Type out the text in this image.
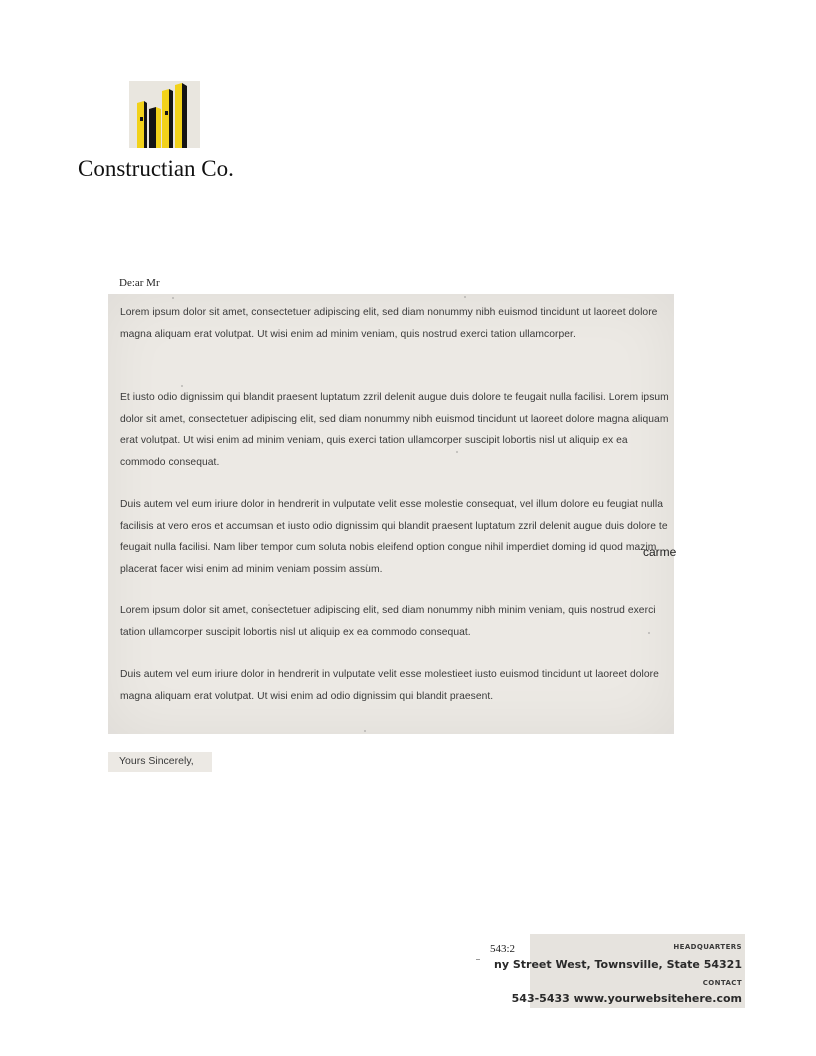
Constructian Co.
De:ar Mr

Lorem ipsum dolor sit amet, consectetuer adipiscing elit, sed diam nonummy nibh euismod tincidunt ut laoreet dolore magna aliquam erat volutpat. Ut wisi enim ad minim veniam, quis nostrud exerci tation ullamcorper.

Et iusto odio dignissim qui blandit praesent luptatum zzril delenit augue duis dolore te feugait nulla facilisi. Lorem ipsum dolor sit amet, consectetuer adipiscing elit, sed diam nonummy nibh euismod tincidunt ut laoreet dolore magna aliquam erat volutpat. Ut wisi enim ad minim veniam, quis exerci tation ullamcorper suscipit lobortis nisl ut aliquip ex ea commodo consequat.

Duis autem vel eum iriure dolor in hendrerit in vulputate velit esse molestie consequat, vel illum dolore eu feugiat nulla facilisis at vero eros et accumsan et iusto odio dignissim qui blandit praesent luptatum zzril delenit augue duis dolore te feugait nulla facilisi. Nam liber tempor cum soluta nobis eleifend option congue nihil imperdiet doming id quod mazim placerat facer wisi enim ad minim veniam possim assum.

Lorem ipsum dolor sit amet, consectetuer adipiscing elit, sed diam nonummy nibh minim veniam, quis nostrud exerci tation ullamcorper suscipit lobortis nisl ut aliquip ex ea commodo consequat.

Duis autem vel eum iriure dolor in hendrerit in vulputate velit esse molestieet iusto euismod tincidunt ut laoreet dolore magna aliquam erat volutpat. Ut wisi enim ad odio dignissim qui blandit praesent.

carme
Yours Sincerely,
543:2	HEADQUARTERS
ny Street West, Townsville, State 54321
CONTACT
543-5433 www.yourwebsitehere.com
